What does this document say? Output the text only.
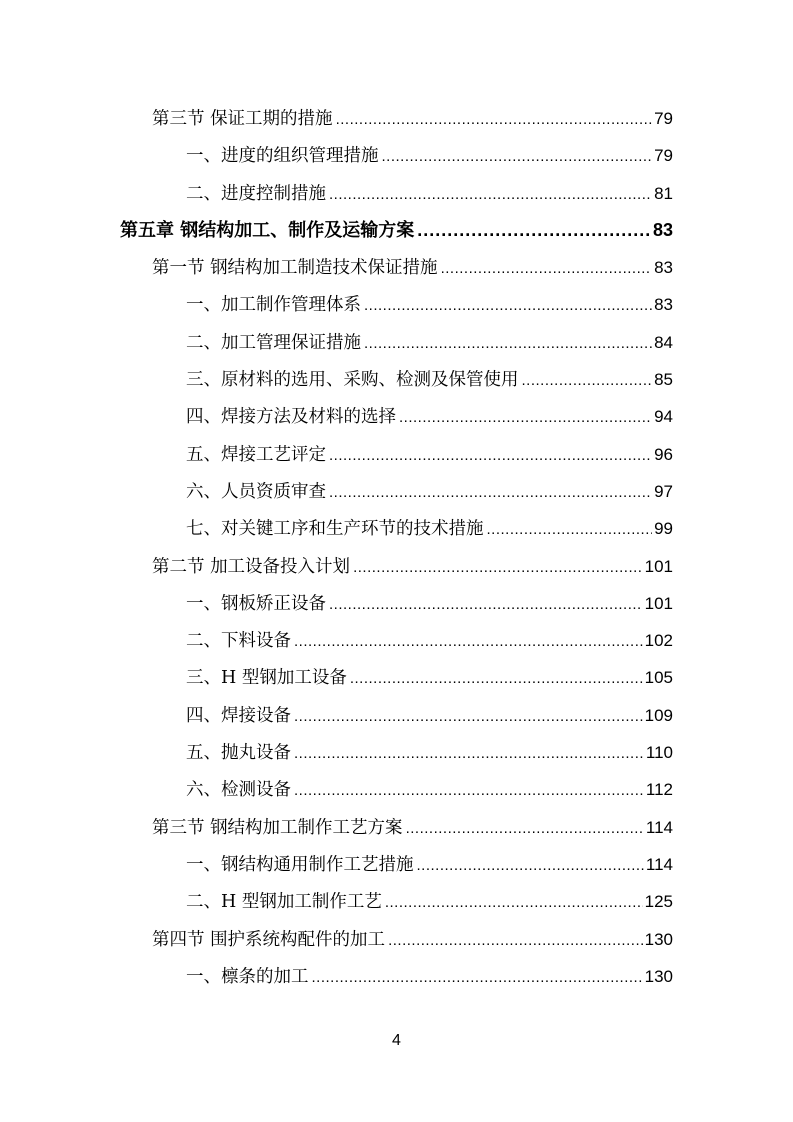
第三节 保证工期的措施 .....	79
一、进度的组织管理措施 .....	79
二、进度控制措施 .....	81
第五章 钢结构加工、制作及运输方案 .....	83
第一节 钢结构加工制造技术保证措施 .....	83
一、加工制作管理体系 .....	83
二、加工管理保证措施 .....	84
三、原材料的选用、采购、检测及保管使用 .....	85
四、焊接方法及材料的选择 .....	94
五、焊接工艺评定 .....	96
六、人员资质审查 .....	97
七、对关键工序和生产环节的技术措施 .....	99
第二节 加工设备投入计划 .....	101
一、钢板矫正设备 .....	101
二、下料设备 .....	102
三、H 型钢加工设备 .....	105
四、焊接设备 .....	109
五、抛丸设备 .....	110
六、检测设备 .....	112
第三节 钢结构加工制作工艺方案 .....	114
一、钢结构通用制作工艺措施 .....	114
二、H 型钢加工制作工艺 .....	125
第四节 围护系统构配件的加工 .....	130
一、檩条的加工 .....	130
4
